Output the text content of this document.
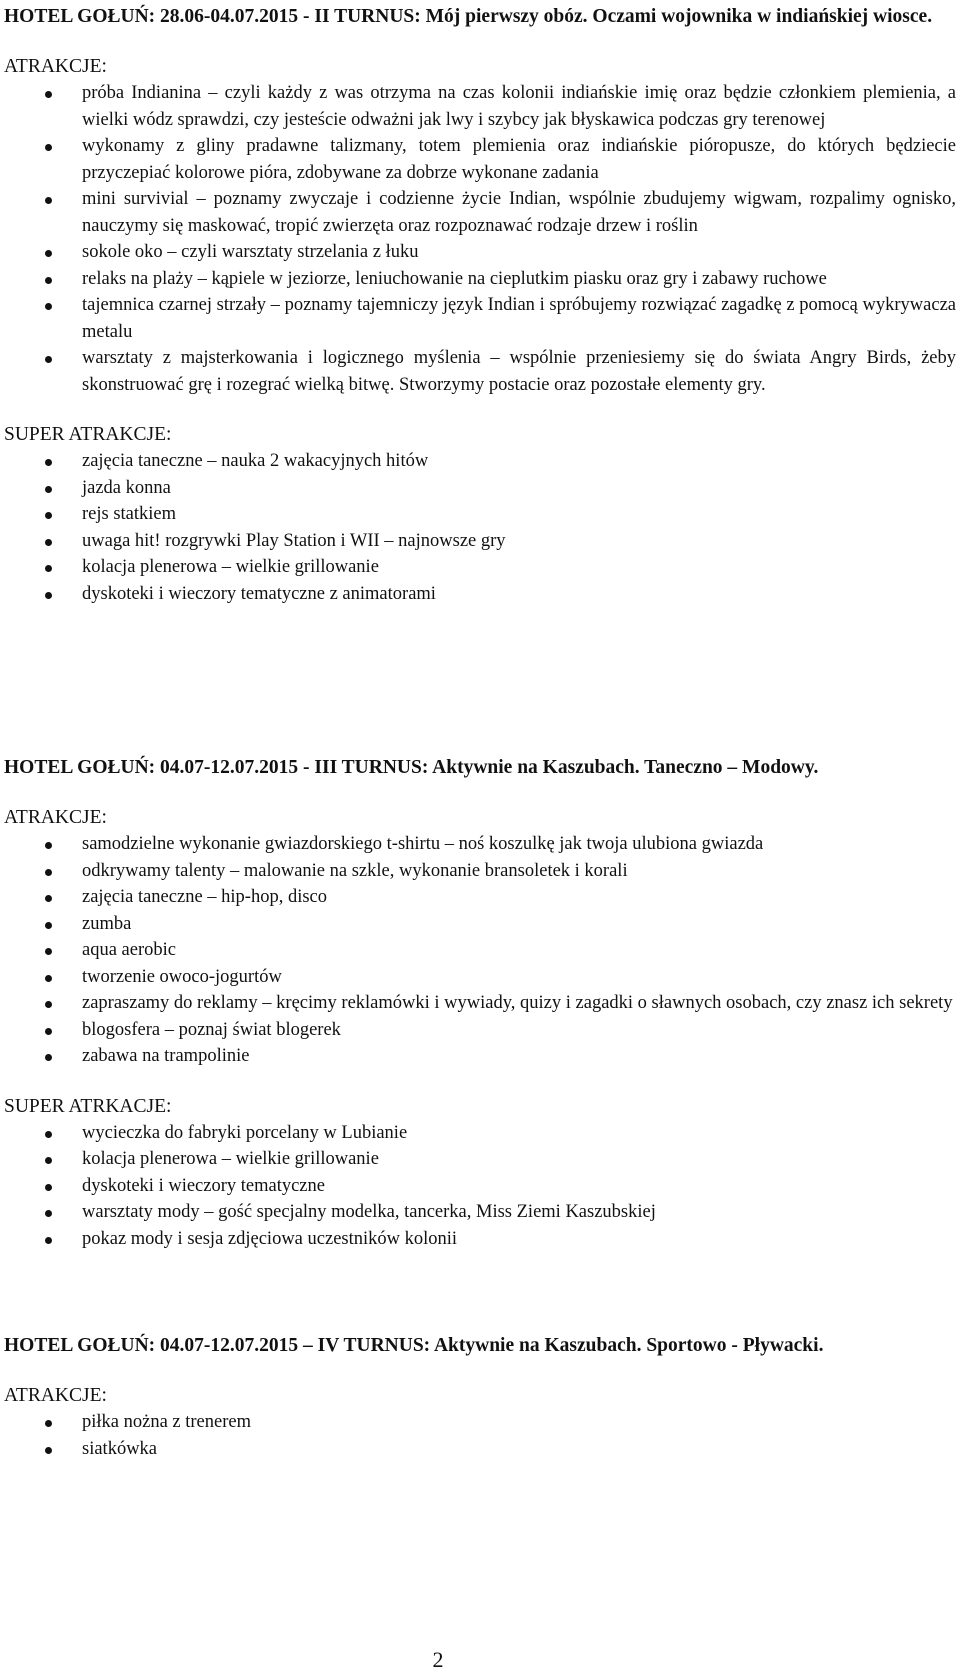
HOTEL GOŁUŃ: 28.06-04.07.2015 - II TURNUS: Mój pierwszy obóz. Oczami wojownika w indiańskiej wiosce.

ATRAKCJE:

próba Indianina – czyli każdy z was otrzyma na czas kolonii indiańskie imię oraz będzie członkiem plemienia, a wielki wódz sprawdzi, czy jesteście odważni jak lwy i szybcy jak błyskawica podczas gry terenowej
wykonamy z gliny pradawne talizmany, totem plemienia oraz indiańskie pióropusze, do których będziecie przyczepiać kolorowe pióra, zdobywane za dobrze wykonane zadania
mini survivial – poznamy zwyczaje i codzienne życie Indian, wspólnie zbudujemy wigwam, rozpalimy ognisko, nauczymy się maskować, tropić zwierzęta oraz rozpoznawać rodzaje drzew i roślin
sokole oko – czyli warsztaty strzelania z łuku
relaks na plaży – kąpiele w jeziorze, leniuchowanie na cieplutkim piasku oraz gry i zabawy ruchowe
tajemnica czarnej strzały – poznamy tajemniczy język Indian i spróbujemy rozwiązać zagadkę z pomocą wykrywacza metalu
warsztaty z majsterkowania i logicznego myślenia – wspólnie przeniesiemy się do świata Angry Birds, żeby skonstruować grę i rozegrać wielką bitwę. Stworzymy postacie oraz pozostałe elementy gry.

SUPER ATRAKCJE:

zajęcia taneczne – nauka 2 wakacyjnych hitów
jazda konna
rejs statkiem
uwaga hit! rozgrywki Play Station i WII – najnowsze gry
kolacja plenerowa – wielkie grillowanie
dyskoteki i wieczory tematyczne z animatorami

HOTEL GOŁUŃ: 04.07-12.07.2015 - III TURNUS: Aktywnie na Kaszubach. Taneczno – Modowy.

ATRAKCJE:

samodzielne wykonanie gwiazdorskiego t-shirtu – noś koszulkę jak twoja ulubiona gwiazda
odkrywamy talenty – malowanie na szkle, wykonanie bransoletek i korali
zajęcia taneczne – hip-hop, disco
zumba
aqua aerobic
tworzenie owoco-jogurtów
zapraszamy do reklamy – kręcimy reklamówki i wywiady, quizy i zagadki o sławnych osobach, czy znasz ich sekrety
blogosfera – poznaj świat blogerek
zabawa na trampolinie

SUPER ATRKACJE:

wycieczka do fabryki porcelany w Lubianie
kolacja plenerowa – wielkie grillowanie
dyskoteki i wieczory tematyczne
warsztaty mody – gość specjalny modelka, tancerka, Miss Ziemi Kaszubskiej
pokaz mody i sesja zdjęciowa uczestników kolonii

HOTEL GOŁUŃ: 04.07-12.07.2015 – IV TURNUS: Aktywnie na Kaszubach. Sportowo - Pływacki.

ATRAKCJE:

piłka nożna z trenerem
siatkówka
2
